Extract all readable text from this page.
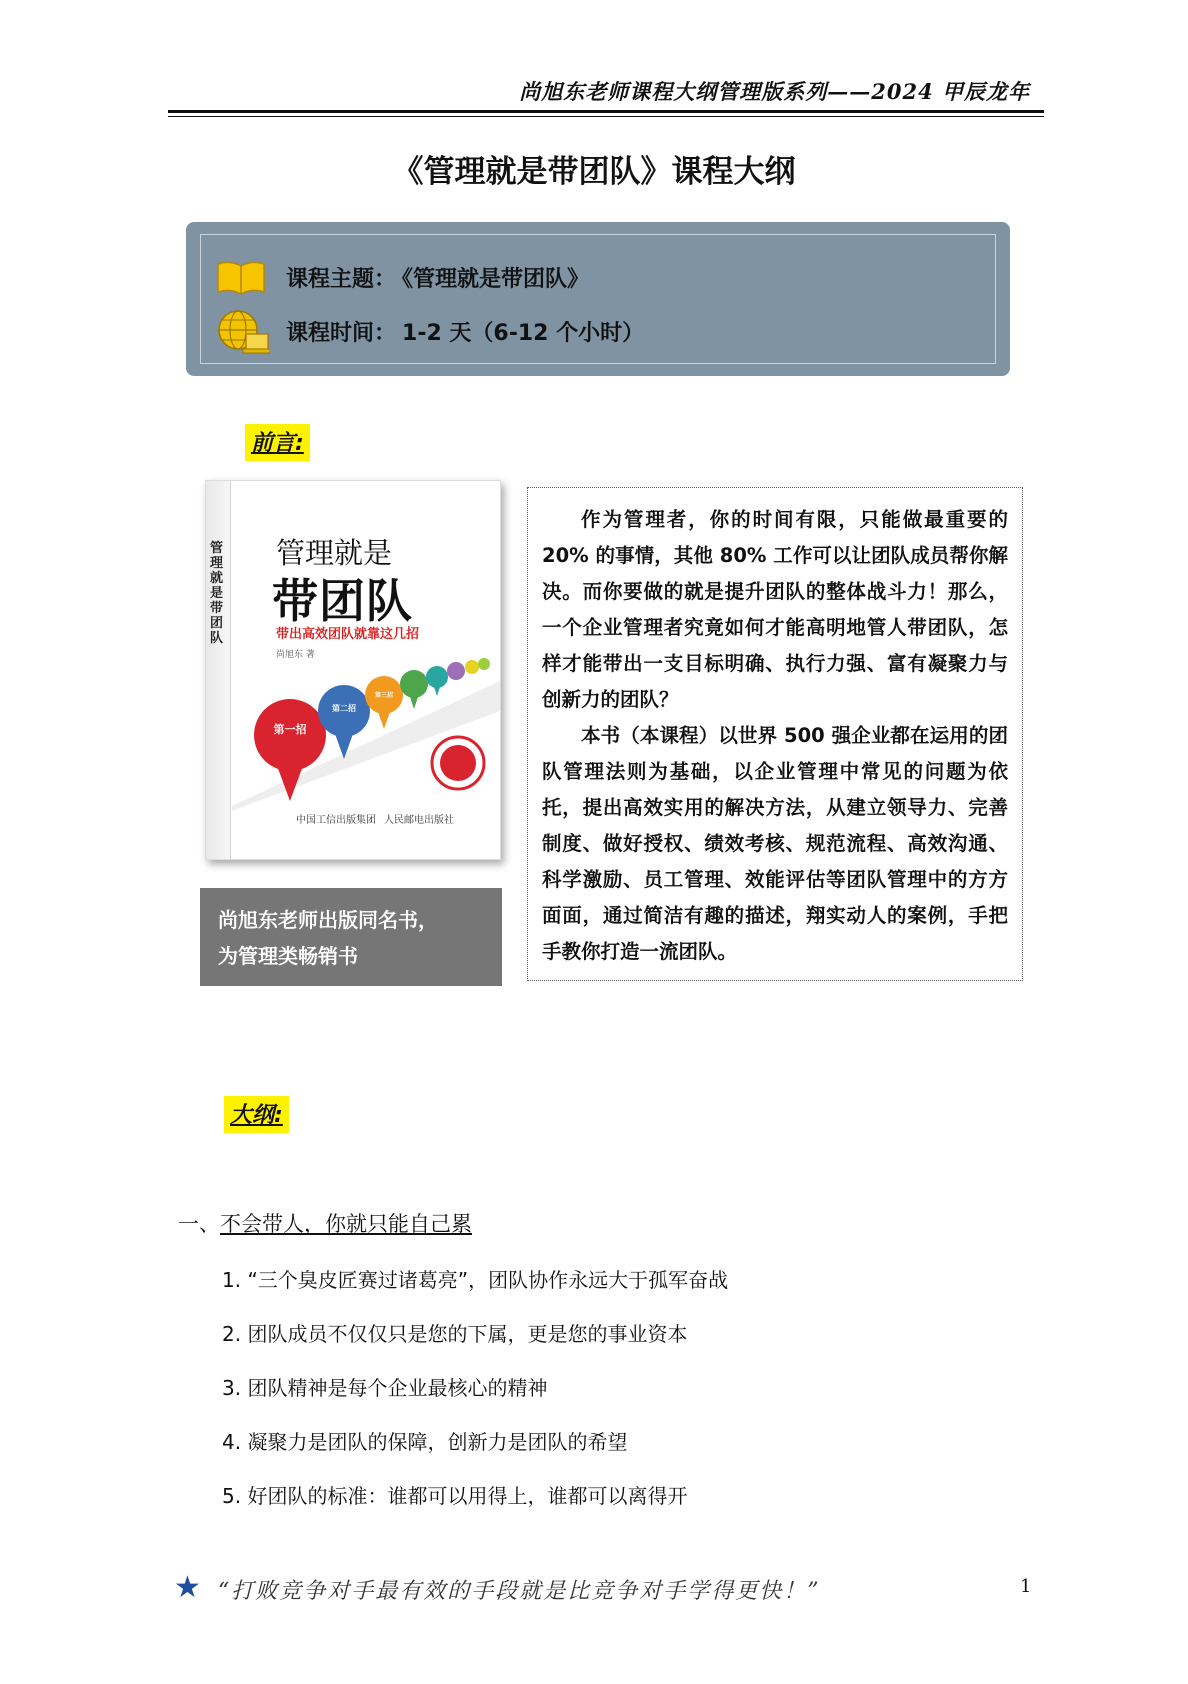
尚旭东老师课程大纲管理版系列——2024 甲辰龙年
《管理就是带团队》课程大纲
课程主题： 《管理就是带团队》
课程时间： 1-2 天（6-12 个小时）
前言:
管理就是带团队
管理就是
带团队
带出高效团队就靠这几招
尚旭东 著
第一招
第二招
第三招
中国工信出版集团 人民邮电出版社
尚旭东老师出版同名书，
为管理类畅销书

作为管理者，你的时间有限，只能做最重要的 20% 的事情，其他 80% 工作可以让团队成员帮你解决。而你要做的就是提升团队的整体战斗力！那么，一个企业管理者究竟如何才能高明地管人带团队，怎样才能带出一支目标明确、执行力强、富有凝聚力与创新力的团队？

本书（本课程）以世界 500 强企业都在运用的团队管理法则为基础，以企业管理中常见的问题为依托，提出高效实用的解决方法，从建立领导力、完善制度、做好授权、绩效考核、规范流程、高效沟通、科学激励、员工管理、效能评估等团队管理中的方方面面，通过简洁有趣的描述，翔实动人的案例，手把手教你打造一流团队。

大纲:
一、不会带人，你就只能自己累
1. “三个臭皮匠赛过诸葛亮”，团队协作永远大于孤军奋战
2. 团队成员不仅仅只是您的下属，更是您的事业资本
3. 团队精神是每个企业最核心的精神
4. 凝聚力是团队的保障，创新力是团队的希望
5. 好团队的标准：谁都可以用得上，谁都可以离得开
★ “打败竞争对手最有效的手段就是比竞争对手学得更快！”	1
